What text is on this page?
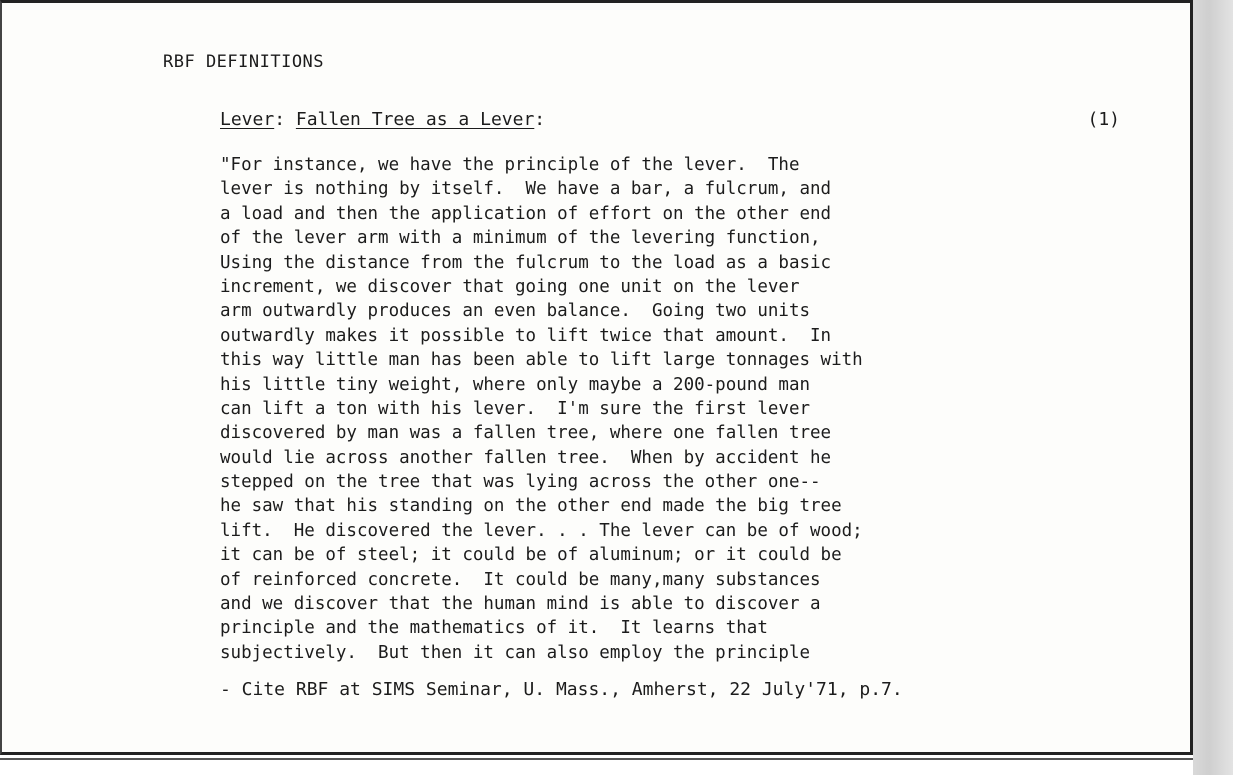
RBF DEFINITIONS
Lever: Fallen Tree as a Lever:	(1)
"For instance, we have the principle of the lever.  The
lever is nothing by itself.  We have a bar, a fulcrum, and
a load and then the application of effort on the other end
of the lever arm with a minimum of the levering function,
Using the distance from the fulcrum to the load as a basic
increment, we discover that going one unit on the lever
arm outwardly produces an even balance.  Going two units
outwardly makes it possible to lift twice that amount.  In
this way little man has been able to lift large tonnages with
his little tiny weight, where only maybe a 200-pound man
can lift a ton with his lever.  I'm sure the first lever
discovered by man was a fallen tree, where one fallen tree
would lie across another fallen tree.  When by accident he
stepped on the tree that was lying across the other one--
he saw that his standing on the other end made the big tree
lift.  He discovered the lever. . . The lever can be of wood;
it can be of steel; it could be of aluminum; or it could be
of reinforced concrete.  It could be many,many substances
and we discover that the human mind is able to discover a
principle and the mathematics of it.  It learns that
subjectively.  But then it can also employ the principle
- Cite RBF at SIMS Seminar, U. Mass., Amherst, 22 July'71, p.7.
